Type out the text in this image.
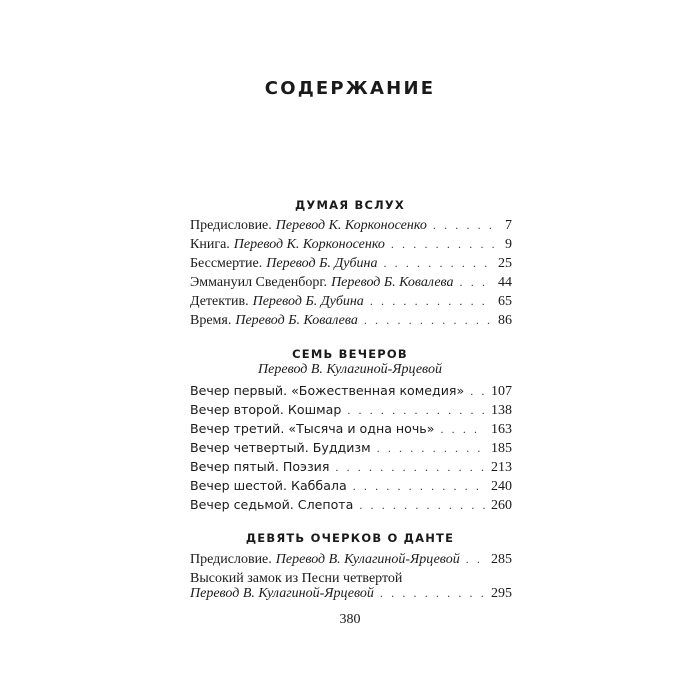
СОДЕРЖАНИЕ
ДУМАЯ ВСЛУХ
Предисловие. Перевод К. Корконосенко . . .	7
Книга. Перевод К. Корконосенко . . .	9
Бессмертие. Перевод Б. Дубина . . .	25
Эммануил Сведенборг. Перевод Б. Ковалева . . .	44
Детектив. Перевод Б. Дубина . . .	65
Время. Перевод Б. Ковалева . . .	86
СЕМЬ ВЕЧЕРОВ
Перевод В. Кулагиной-Ярцевой
Вечер первый. «Божественная комедия» . . . 107
Вечер второй. Кошмар . . .	138
Вечер третий. «Тысяча и одна ночь» . . .	163
Вечер четвертый. Буддизм . . .	185
Вечер пятый. Поэзия . . .	213
Вечер шестой. Каббала . . .	240
Вечер седьмой. Слепота . . .	260
ДЕВЯТЬ ОЧЕРКОВ О ДАНТЕ
Предисловие. Перевод В. Кулагиной-Ярцевой . . . 285
Высокий замок из Песни четвертой
Перевод В. Кулагиной-Ярцевой . . .	295
380
